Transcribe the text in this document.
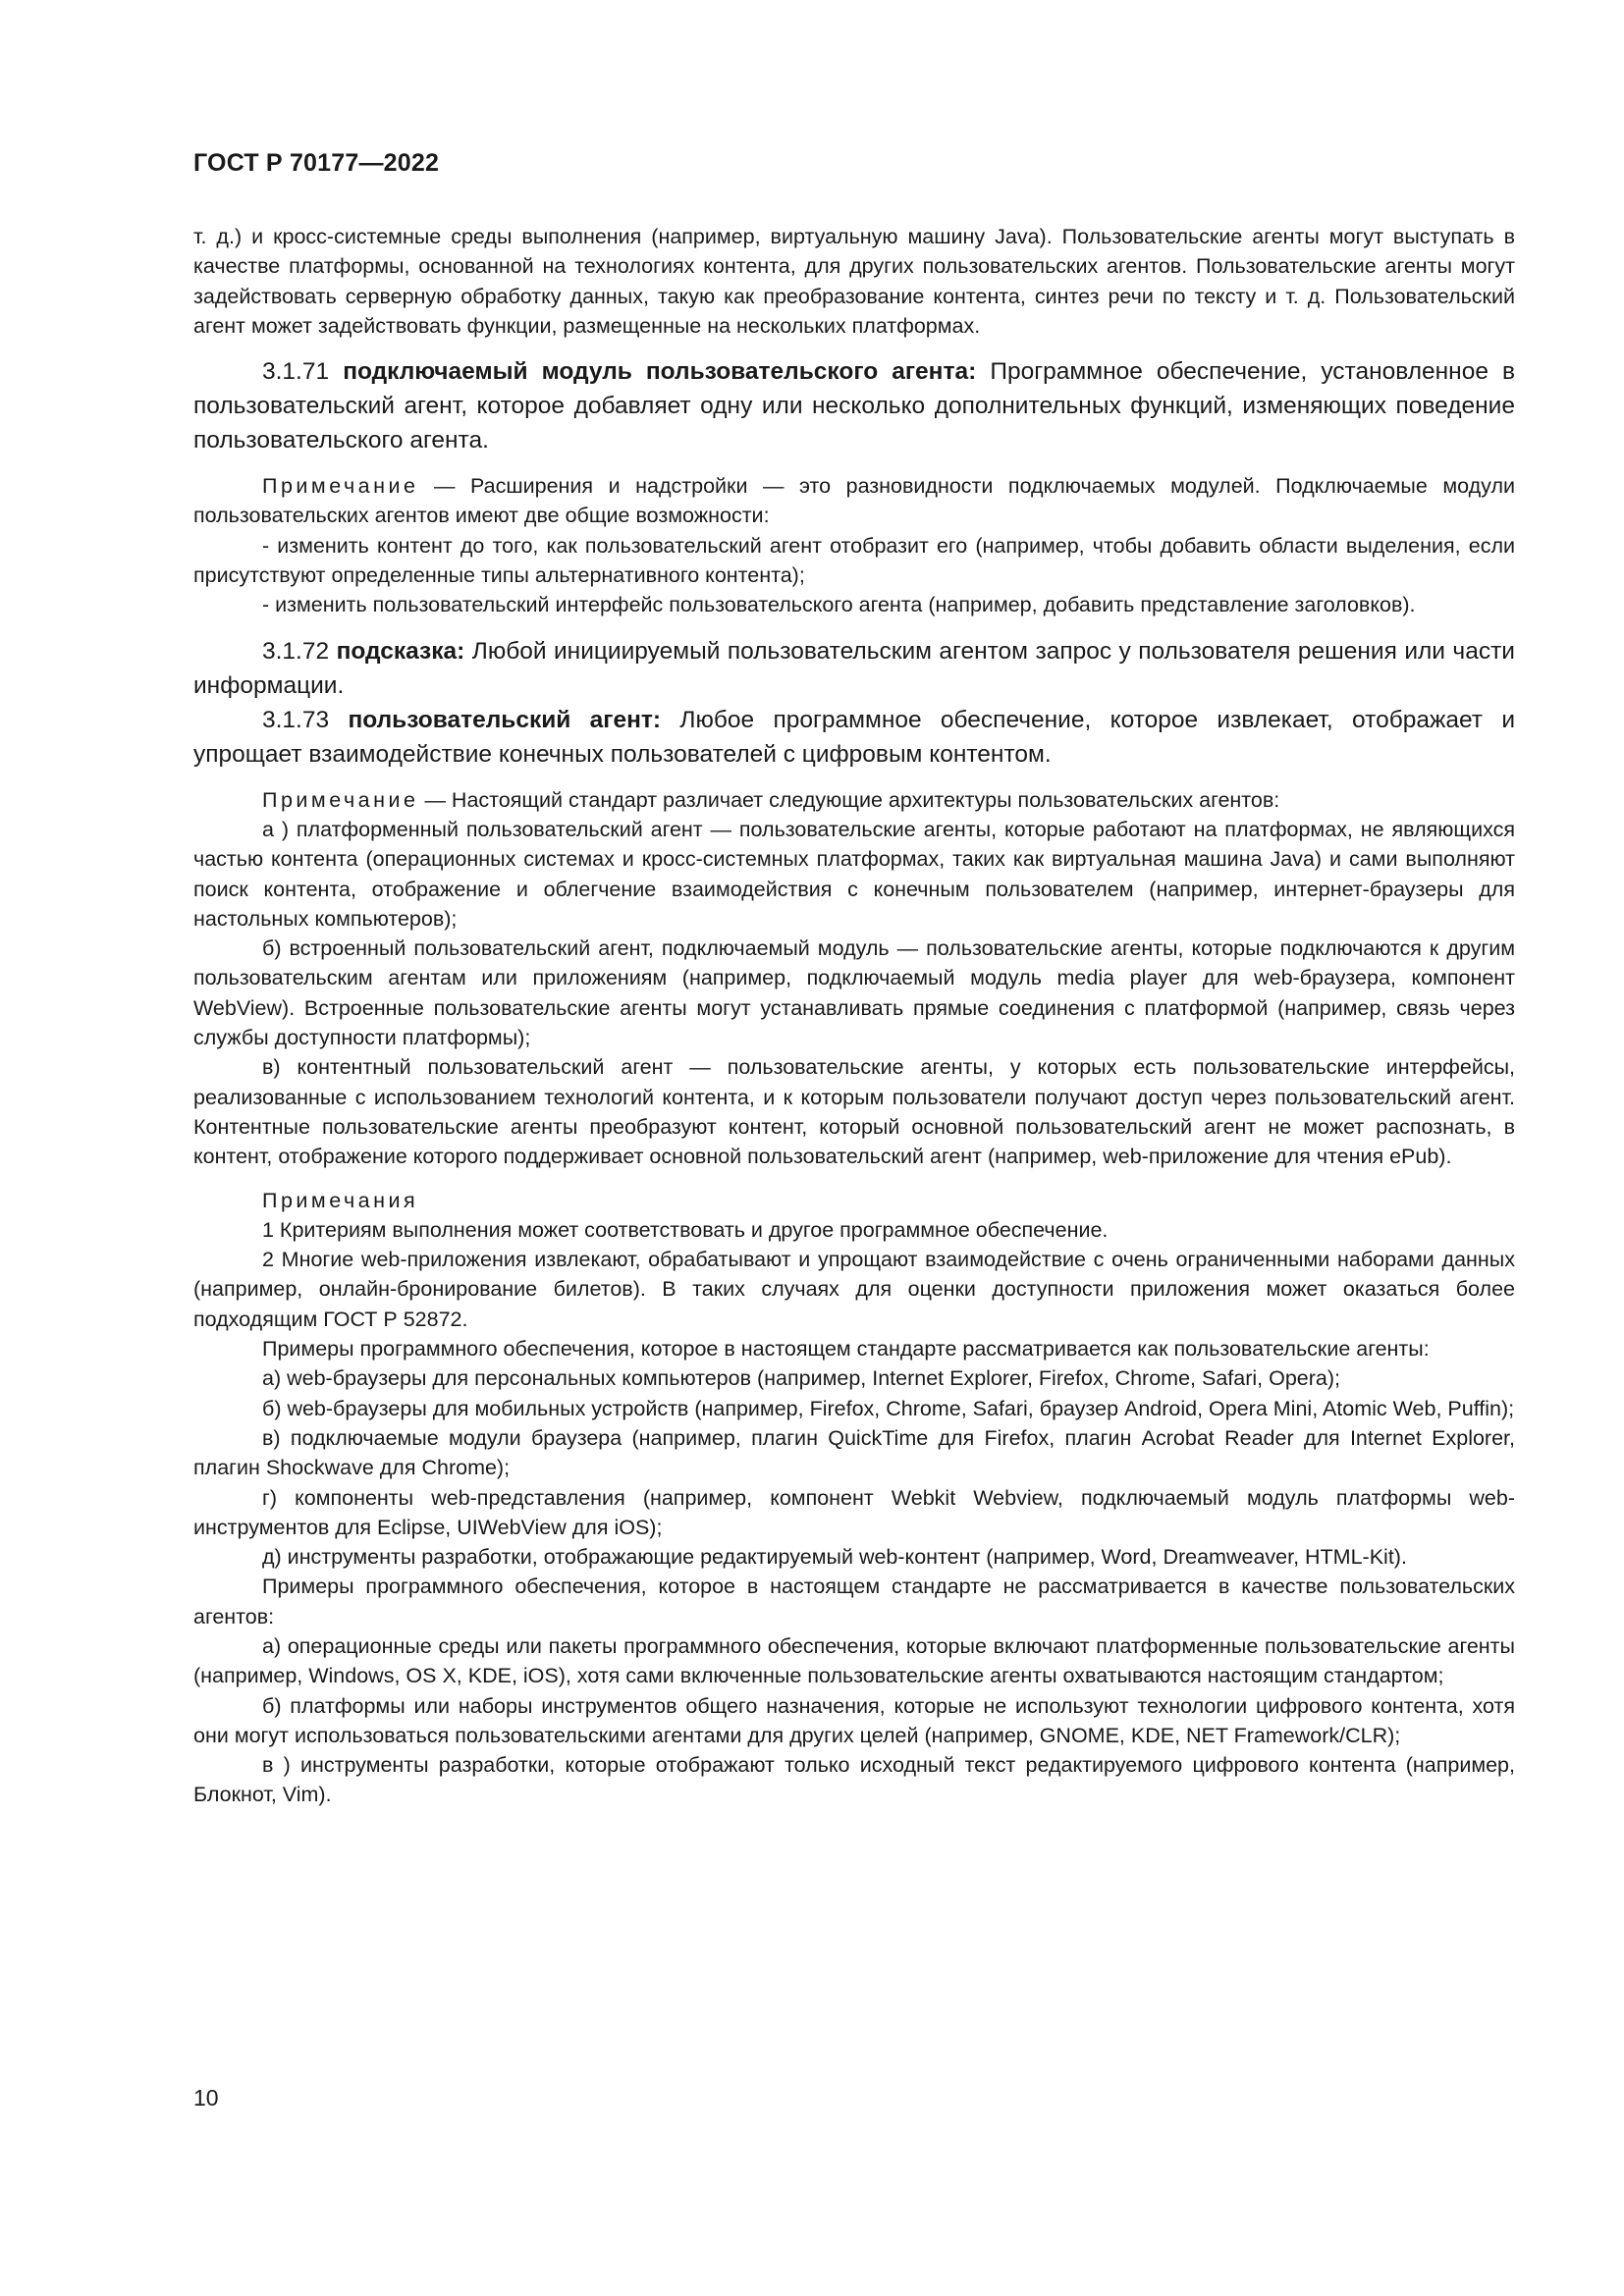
ГОСТ Р 70177—2022

т. д.) и кросс-системные среды выполнения (например, виртуальную машину Java). Пользовательские агенты могут выступать в качестве платформы, основанной на технологиях контента, для других пользовательских агентов. Пользовательские агенты могут задействовать серверную обработку данных, такую как преобразование контента, синтез речи по тексту и т. д. Пользовательский агент может задействовать функции, размещенные на нескольких платформах.

3.1.71 подключаемый модуль пользовательского агента: Программное обеспечение, установленное в пользовательский агент, которое добавляет одну или несколько дополнительных функций, изменяющих поведение пользовательского агента.

Примечание — Расширения и надстройки — это разновидности подключаемых модулей. Подключаемые модули пользовательских агентов имеют две общие возможности:

- изменить контент до того, как пользовательский агент отобразит его (например, чтобы добавить области выделения, если присутствуют определенные типы альтернативного контента);

- изменить пользовательский интерфейс пользовательского агента (например, добавить представление заголовков).

3.1.72 подсказка: Любой инициируемый пользовательским агентом запрос у пользователя решения или части информации.

3.1.73 пользовательский агент: Любое программное обеспечение, которое извлекает, отображает и упрощает взаимодействие конечных пользователей с цифровым контентом.

Примечание — Настоящий стандарт различает следующие архитектуры пользовательских агентов:

а ) платформенный пользовательский агент — пользовательские агенты, которые работают на платформах, не являющихся частью контента (операционных системах и кросс-системных платформах, таких как виртуальная машина Java) и сами выполняют поиск контента, отображение и облегчение взаимодействия с конечным пользователем (например, интернет-браузеры для настольных компьютеров);

б) встроенный пользовательский агент, подключаемый модуль — пользовательские агенты, которые подключаются к другим пользовательским агентам или приложениям (например, подключаемый модуль media player для web-браузера, компонент WebView). Встроенные пользовательские агенты могут устанавливать прямые соединения с платформой (например, связь через службы доступности платформы);

в) контентный пользовательский агент — пользовательские агенты, у которых есть пользовательские интерфейсы, реализованные с использованием технологий контента, и к которым пользователи получают доступ через пользовательский агент. Контентные пользовательские агенты преобразуют контент, который основной пользовательский агент не может распознать, в контент, отображение которого поддерживает основной пользовательский агент (например, web-приложение для чтения ePub).

Примечания

1 Критериям выполнения может соответствовать и другое программное обеспечение.

2 Многие web-приложения извлекают, обрабатывают и упрощают взаимодействие с очень ограниченными наборами данных (например, онлайн-бронирование билетов). В таких случаях для оценки доступности приложения может оказаться более подходящим ГОСТ Р 52872.

Примеры программного обеспечения, которое в настоящем стандарте рассматривается как пользовательские агенты:

а) web-браузеры для персональных компьютеров (например, Internet Explorer, Firefox, Chrome, Safari, Opera);

б) web-браузеры для мобильных устройств (например, Firefox, Chrome, Safari, браузер Android, Opera Mini, Atomic Web, Puffin);

в) подключаемые модули браузера (например, плагин QuickTime для Firefox, плагин Acrobat Reader для Internet Explorer, плагин Shockwave для Chrome);

г) компоненты web-представления (например, компонент Webkit Webview, подключаемый модуль платформы web-инструментов для Eclipse, UIWebView для iOS);

д) инструменты разработки, отображающие редактируемый web-контент (например, Word, Dreamweaver, HTML-Kit).

Примеры программного обеспечения, которое в настоящем стандарте не рассматривается в качестве пользовательских агентов:

а) операционные среды или пакеты программного обеспечения, которые включают платформенные пользовательские агенты (например, Windows, OS X, KDE, iOS), хотя сами включенные пользовательские агенты охватываются настоящим стандартом;

б) платформы или наборы инструментов общего назначения, которые не используют технологии цифрового контента, хотя они могут использоваться пользовательскими агентами для других целей (например, GNOME, KDE, NET Framework/CLR);

в ) инструменты разработки, которые отображают только исходный текст редактируемого цифрового контента (например, Блокнот, Vim).

10
